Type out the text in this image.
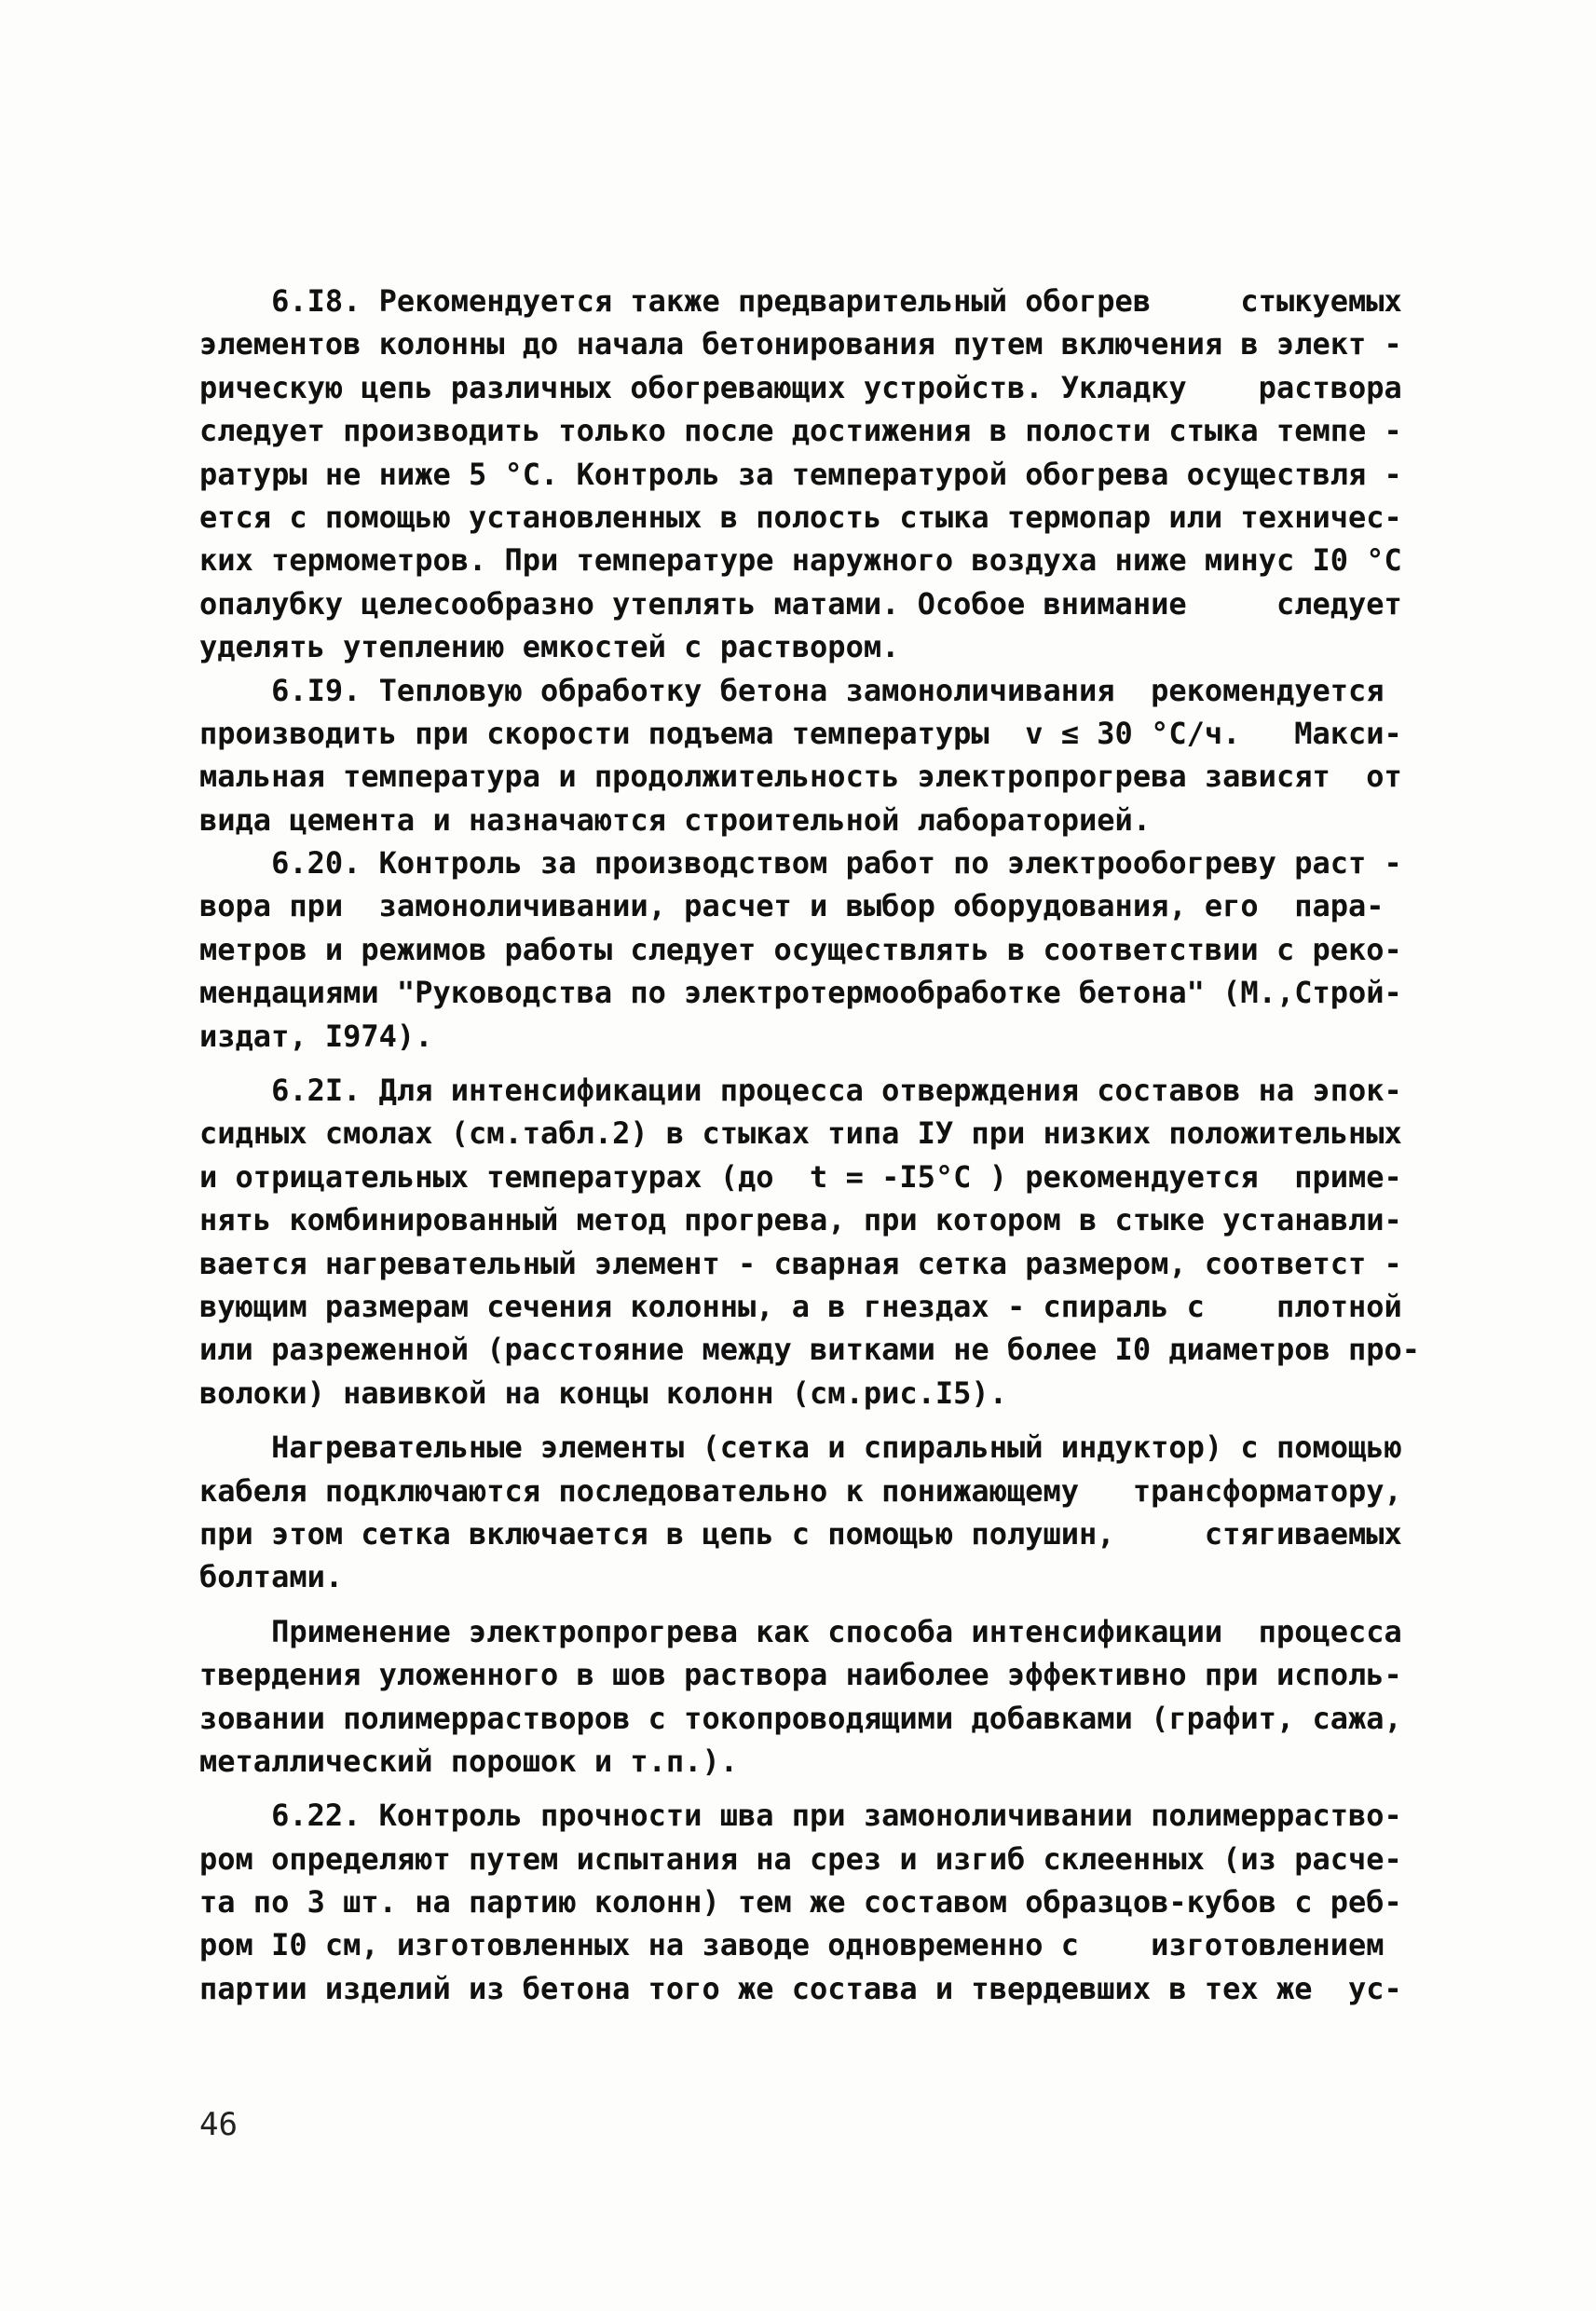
6.I8. Рекомендуется также предварительный обогрев     стыкуемых
элементов колонны до начала бетонирования путем включения в элект -
рическую цепь различных обогревающих устройств. Укладку    раствора
следует производить только после достижения в полости стыка темпе -
ратуры не ниже 5 °С. Контроль за температурой обогрева осуществля -
ется с помощью установленных в полость стыка термопар или техничес-
ких термометров. При температуре наружного воздуха ниже минус I0 °С
опалубку целесообразно утеплять матами. Особое внимание     следует
уделять утеплению емкостей с раствором.
6.I9. Тепловую обработку бетона замоноличивания  рекомендуется
производить при скорости подъема температуры  v ≤ 30 °С/ч.   Макси-
мальная температура и продолжительность электропрогрева зависят  от
вида цемента и назначаются строительной лабораторией.
6.20. Контроль за производством работ по электрообогреву раст -
вора при  замоноличивании, расчет и выбор оборудования, его  пара-
метров и режимов работы следует осуществлять в соответствии с реко-
мендациями "Руководства по электротермообработке бетона" (М.,Строй-
издат, I974).
6.2I. Для интенсификации процесса отверждения составов на эпок-
сидных смолах (см.табл.2) в стыках типа IУ при низких положительных
и отрицательных температурах (до  t = -I5°С ) рекомендуется  приме-
нять комбинированный метод прогрева, при котором в стыке устанавли-
вается нагревательный элемент - сварная сетка размером, соответст -
вующим размерам сечения колонны, а в гнездах - спираль с    плотной
или разреженной (расстояние между витками не более I0 диаметров про-
волоки) навивкой на концы колонн (см.рис.I5).
Нагревательные элементы (сетка и спиральный индуктор) с помощью
кабеля подключаются последовательно к понижающему   трансформатору,
при этом сетка включается в цепь с помощью полушин,     стягиваемых
болтами.
Применение электропрогрева как способа интенсификации  процесса
твердения уложенного в шов раствора наиболее эффективно при исполь-
зовании полимеррастворов с токопроводящими добавками (графит, сажа,
металлический порошок и т.п.).
6.22. Контроль прочности шва при замоноличивании полимерраство-
ром определяют путем испытания на срез и изгиб склеенных (из расче-
та по 3 шт. на партию колонн) тем же составом образцов-кубов с реб-
ром I0 см, изготовленных на заводе одновременно с    изготовлением
партии изделий из бетона того же состава и твердевших в тех же  ус-
46
